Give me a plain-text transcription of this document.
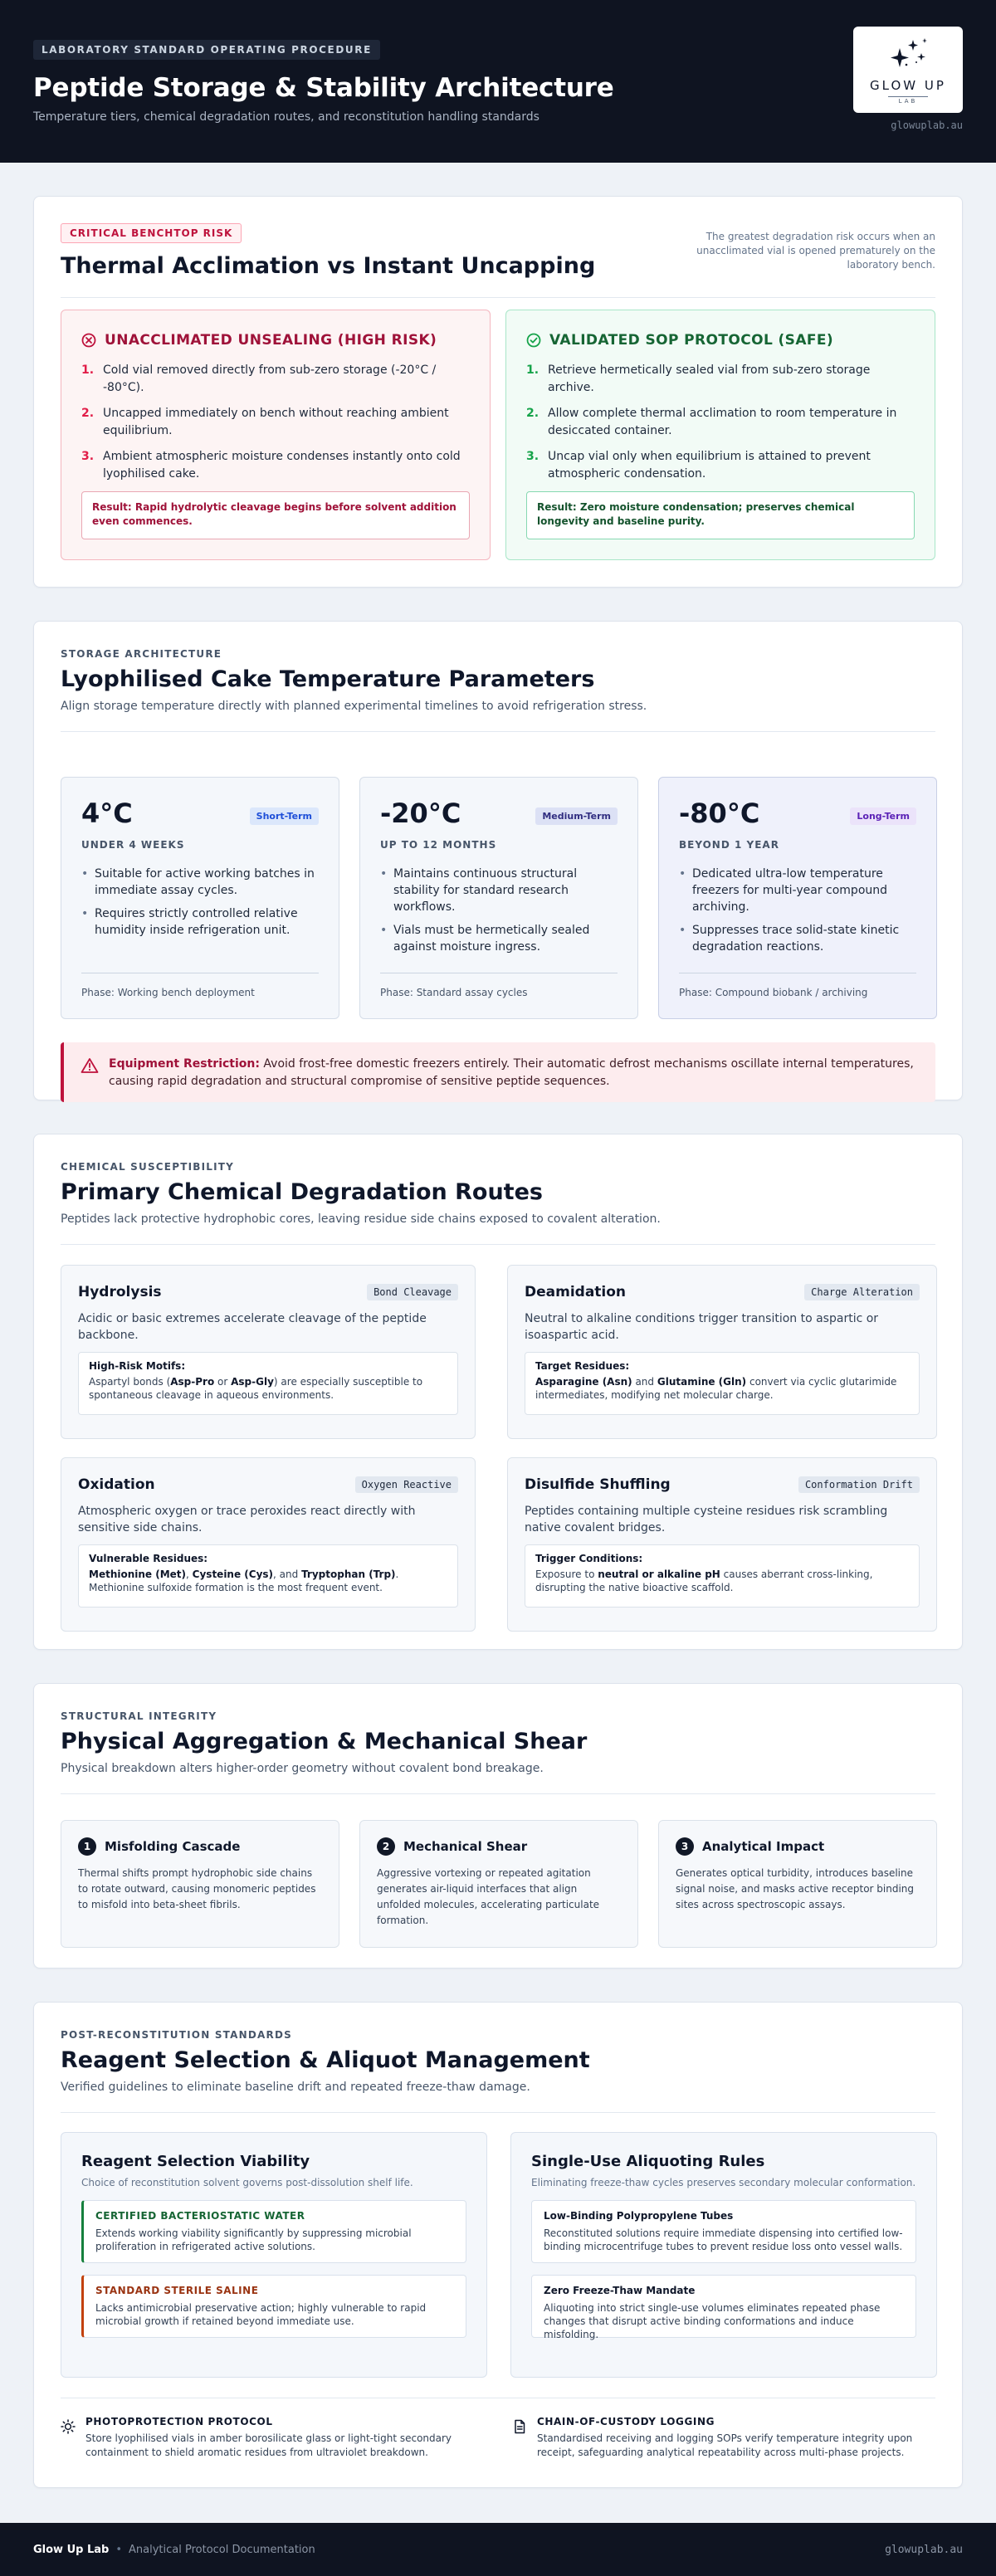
LABORATORY STANDARD OPERATING PROCEDURE
Peptide Storage & Stability Architecture
Temperature tiers, chemical degradation routes, and reconstitution handling standards
GLOW UP
LAB
glowuplab.au
CRITICAL BENCHTOP RISK
Thermal Acclimation vs Instant Uncapping
The greatest degradation risk occurs when an unacclimated vial is opened prematurely on the laboratory bench.
UNACCLIMATED UNSEALING (HIGH RISK)
1. Cold vial removed directly from sub-zero storage (-20°C / -80°C).
2. Uncapped immediately on bench without reaching ambient equilibrium.
3. Ambient atmospheric moisture condenses instantly onto cold lyophilised cake.
Result: Rapid hydrolytic cleavage begins before solvent addition even commences.
VALIDATED SOP PROTOCOL (SAFE)
1. Retrieve hermetically sealed vial from sub-zero storage archive.
2. Allow complete thermal acclimation to room temperature in desiccated container.
3. Uncap vial only when equilibrium is attained to prevent atmospheric condensation.
Result: Zero moisture condensation; preserves chemical longevity and baseline purity.
STORAGE ARCHITECTURE
Lyophilised Cake Temperature Parameters
Align storage temperature directly with planned experimental timelines to avoid refrigeration stress.
4°C	Short-Term
UNDER 4 WEEKS
• Suitable for active working batches in immediate assay cycles.
• Requires strictly controlled relative humidity inside refrigeration unit.
Phase: Working bench deployment
-20°C	Medium-Term
UP TO 12 MONTHS
• Maintains continuous structural stability for standard research workflows.
• Vials must be hermetically sealed against moisture ingress.
Phase: Standard assay cycles
-80°C	Long-Term
BEYOND 1 YEAR
• Dedicated ultra-low temperature freezers for multi-year compound archiving.
• Suppresses trace solid-state kinetic degradation reactions.
Phase: Compound biobank / archiving
Equipment Restriction: Avoid frost-free domestic freezers entirely. Their automatic defrost mechanisms oscillate internal temperatures, causing rapid degradation and structural compromise of sensitive peptide sequences.
CHEMICAL SUSCEPTIBILITY
Primary Chemical Degradation Routes
Peptides lack protective hydrophobic cores, leaving residue side chains exposed to covalent alteration.
Hydrolysis	Bond Cleavage
Acidic or basic extremes accelerate cleavage of the peptide backbone.
High-Risk Motifs:
Aspartyl bonds (Asp-Pro or Asp-Gly) are especially susceptible to spontaneous cleavage in aqueous environments.
Deamidation	Charge Alteration
Neutral to alkaline conditions trigger transition to aspartic or isoaspartic acid.
Target Residues:
Asparagine (Asn) and Glutamine (Gln) convert via cyclic glutarimide intermediates, modifying net molecular charge.
Oxidation	Oxygen Reactive
Atmospheric oxygen or trace peroxides react directly with sensitive side chains.
Vulnerable Residues:
Methionine (Met), Cysteine (Cys), and Tryptophan (Trp). Methionine sulfoxide formation is the most frequent event.
Disulfide Shuffling	Conformation Drift
Peptides containing multiple cysteine residues risk scrambling native covalent bridges.
Trigger Conditions:
Exposure to neutral or alkaline pH causes aberrant cross-linking, disrupting the native bioactive scaffold.
STRUCTURAL INTEGRITY
Physical Aggregation & Mechanical Shear
Physical breakdown alters higher-order geometry without covalent bond breakage.
1	Misfolding Cascade
Thermal shifts prompt hydrophobic side chains to rotate outward, causing monomeric peptides to misfold into beta-sheet fibrils.
2	Mechanical Shear
Aggressive vortexing or repeated agitation generates air-liquid interfaces that align unfolded molecules, accelerating particulate formation.
3	Analytical Impact
Generates optical turbidity, introduces baseline signal noise, and masks active receptor binding sites across spectroscopic assays.
POST-RECONSTITUTION STANDARDS
Reagent Selection & Aliquot Management
Verified guidelines to eliminate baseline drift and repeated freeze-thaw damage.
Reagent Selection Viability
Choice of reconstitution solvent governs post-dissolution shelf life.
CERTIFIED BACTERIOSTATIC WATER
Extends working viability significantly by suppressing microbial proliferation in refrigerated active solutions.
STANDARD STERILE SALINE
Lacks antimicrobial preservative action; highly vulnerable to rapid microbial growth if retained beyond immediate use.
Single-Use Aliquoting Rules
Eliminating freeze-thaw cycles preserves secondary molecular conformation.
Low-Binding Polypropylene Tubes
Reconstituted solutions require immediate dispensing into certified low-binding microcentrifuge tubes to prevent residue loss onto vessel walls.
Zero Freeze-Thaw Mandate
Aliquoting into strict single-use volumes eliminates repeated phase changes that disrupt active binding conformations and induce misfolding.
PHOTOPROTECTION PROTOCOL
Store lyophilised vials in amber borosilicate glass or light-tight secondary containment to shield aromatic residues from ultraviolet breakdown.
CHAIN-OF-CUSTODY LOGGING
Standardised receiving and logging SOPs verify temperature integrity upon receipt, safeguarding analytical repeatability across multi-phase projects.
Glow Up Lab • Analytical Protocol Documentation	glowuplab.au
